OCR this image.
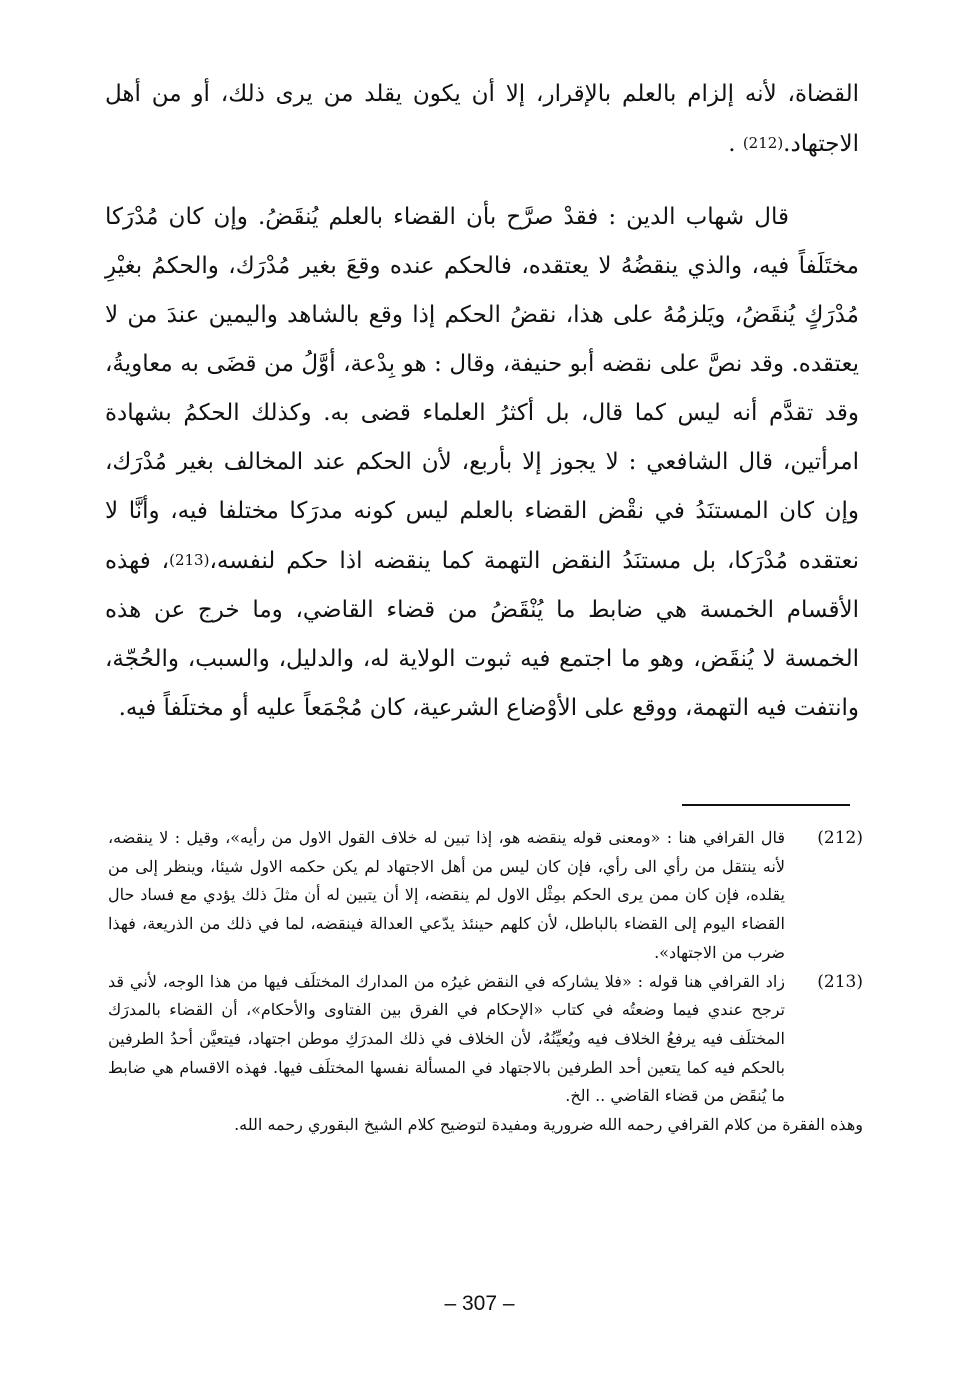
القضاة، لأنه إلزام بالعلم بالإقرار، إلا أن يكون يقلد من يرى ذلك، أو من أهل الاجتهاد.(212) .

قال شهاب الدين : فقدْ صرَّح بأن القضاء بالعلم يُنقَضُ. وإن كان مُدْرَكا مختَلَفاً فيه، والذي ينقضُهُ لا يعتقده، فالحكم عنده وقعَ بغير مُدْرَك، والحكمُ بغيْرِ مُدْرَكٍ يُنقَضُ، ويَلزمُهُ على هذا، نقضُ الحكم إذا وقع بالشاهد واليمين عندَ من لا يعتقده. وقد نصَّ على نقضه أبو حنيفة، وقال : هو بِدْعة، أوَّلُ من قضَى به معاويةُ، وقد تقدَّم أنه ليس كما قال، بل أكثرُ العلماء قضى به. وكذلك الحكمُ بشهادة امرأتين، قال الشافعي : لا يجوز إلا بأربع، لأن الحكم عند المخالف بغير مُدْرَك، وإن كان المستنَدُ في نقْض القضاء بالعلم ليس كونه مدرَكا مختلفا فيه، وأنَّا لا نعتقده مُدْرَكا، بل مستنَدُ النقض التهمة كما ينقضه اذا حكم لنفسه،(213)، فهذه الأقسام الخمسة هي ضابط ما يُنْقَضُ من قضاء القاضي، وما خرج عن هذه الخمسة لا يُنقَض، وهو ما اجتمع فيه ثبوت الولاية له، والدليل، والسبب، والحُجّة، وانتفت فيه التهمة، ووقع على الأوْضاع الشرعية، كان مُجْمَعاً عليه أو مختلَفاً فيه.

(212)
قال القرافي هنا : «ومعنى قوله ينقضه هو، إذا تبين له خلاف القول الاول من رأيه»، وقيل : لا ينقضه، لأنه ينتقل من رأي الى رأي، فإن كان ليس من أهل الاجتهاد لم يكن حكمه الاول شيئا، وينظر إلى من يقلده، فإن كان ممن يرى الحكم بمِثْل الاول لم ينقضه، إلا أن يتبين له أن مثلَ ذلك يؤدي مع فساد حال القضاء اليوم إلى القضاء بالباطل، لأن كلهم حينئذ يدّعي العدالة فينقضه، لما في ذلك من الذريعة، فهذا ضرب من الاجتهاد».
(213)
زاد القرافي هنا قوله : «فلا يشاركه في النقض غيرُه من المدارك المختلَف فيها من هذا الوجه، لأني قد ترجح عندي فيما وضعتُه في كتاب «الإحكام في الفرق بين الفتاوى والأحكام»، أن القضاء بالمدرَك المختلَف فيه يرفعُ الخلاف فيه ويُعيِّنُهُ، لأن الخلاف في ذلك المدرَكِ موطن اجتهاد، فيتعيَّن أحدُ الطرفين بالحكم فيه كما يتعين أحد الطرفين بالاجتهاد في المسألة نفسها المختلَف فيها. فهذه الاقسام هي ضابط ما يُنقَض من قضاء القاضي .. الخ.

وهذه الفقرة من كلام القرافي رحمه الله ضرورية ومفيدة لتوضيح كلام الشيخ البقوري رحمه الله.

– 307 –
